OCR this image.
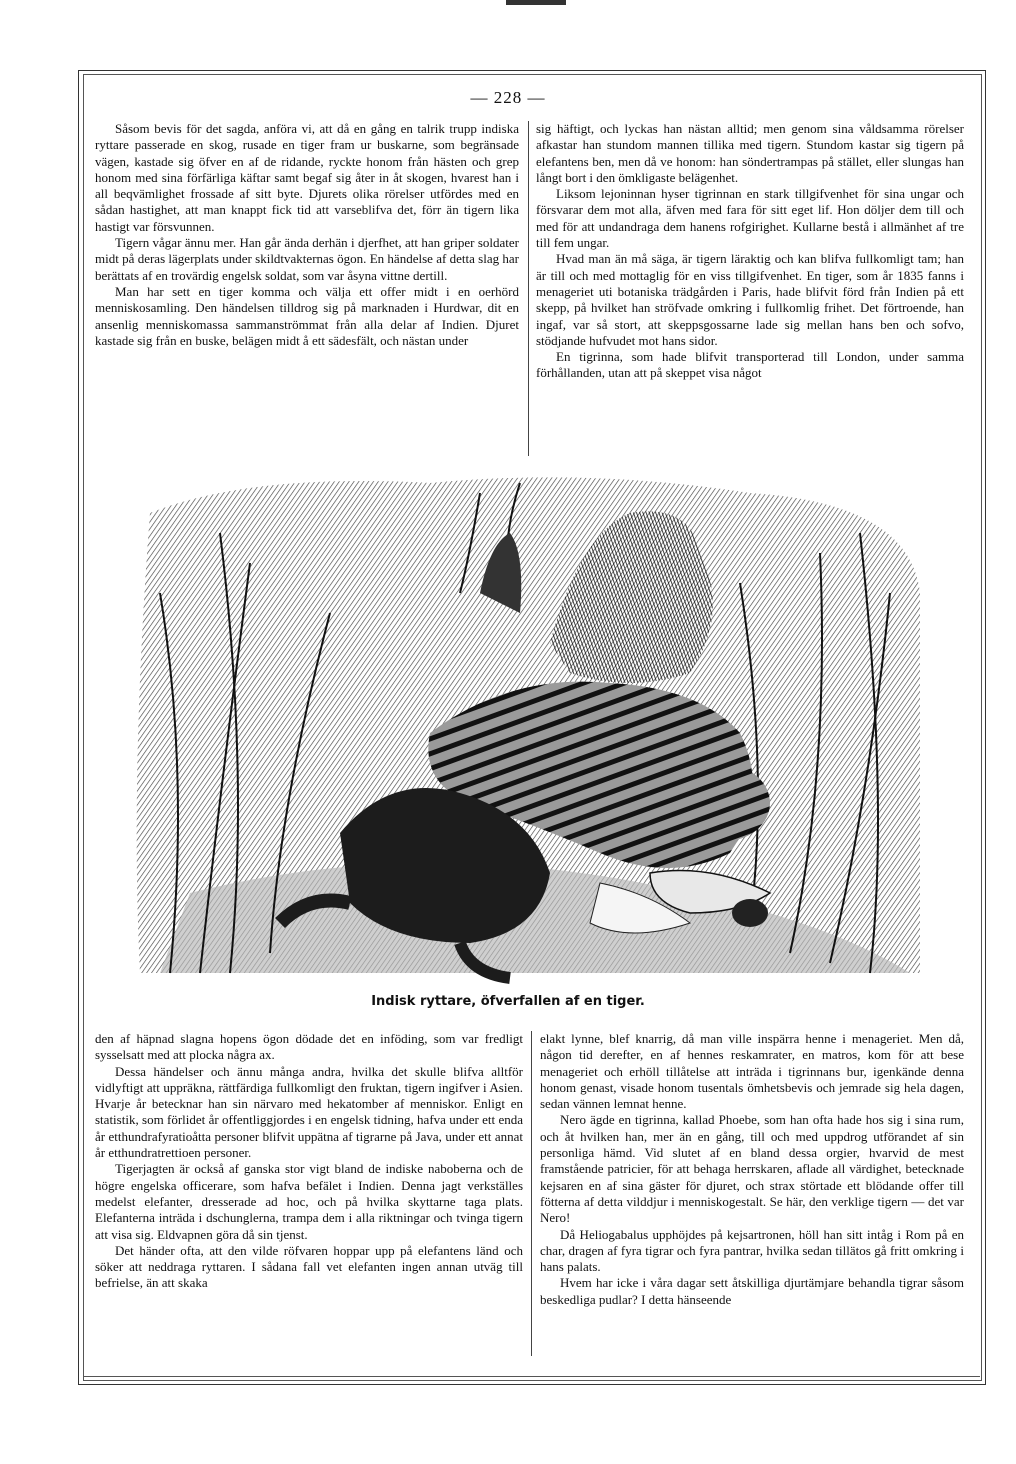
— 228 —

Såsom bevis för det sagda, anföra vi, att då en gång en talrik trupp indiska ryttare passerade en skog, rusade en tiger fram ur buskarne, som begränsade vägen, kastade sig öfver en af de ridande, ryckte honom från hästen och grep honom med sina förfärliga käftar samt begaf sig åter in åt skogen, hvarest han i all beqvämlighet frossade af sitt byte. Djurets olika rörelser utfördes med en sådan hastighet, att man knappt fick tid att varseblifva det, förr än tigern lika hastigt var försvunnen.

Tigern vågar ännu mer. Han går ända derhän i djerfhet, att han griper soldater midt på deras lägerplats under skildtvakternas ögon. En händelse af detta slag har berättats af en trovärdig engelsk soldat, som var åsyna vittne dertill.

Man har sett en tiger komma och välja ett offer midt i en oerhörd menniskosamling. Den händelsen tilldrog sig på marknaden i Hurdwar, dit en ansenlig menniskomassa sammanströmmat från alla delar af Indien. Djuret kastade sig från en buske, belägen midt å ett sädesfält, och nästan under

sig häftigt, och lyckas han nästan alltid; men genom sina våldsamma rörelser afkastar han stundom mannen tillika med tigern. Stundom kastar sig tigern på elefantens ben, men då ve honom: han söndertrampas på stället, eller slungas han långt bort i den ömkligaste belägenhet.

Liksom lejoninnan hyser tigrinnan en stark tillgifvenhet för sina ungar och försvarar dem mot alla, äfven med fara för sitt eget lif. Hon döljer dem till och med för att undandraga dem hanens rofgirighet. Kullarne bestå i allmänhet af tre till fem ungar.

Hvad man än må säga, är tigern läraktig och kan blifva fullkomligt tam; han är till och med mottaglig för en viss tillgifvenhet. En tiger, som år 1835 fanns i menageriet uti botaniska trädgården i Paris, hade blifvit förd från Indien på ett skepp, på hvilket han ströfvade omkring i fullkomlig frihet. Det förtroende, han ingaf, var så stort, att skeppsgossarne lade sig mellan hans ben och sofvo, stödjande hufvudet mot hans sidor.

En tigrinna, som hade blifvit transporterad till London, under samma förhållanden, utan att på skeppet visa något

Indisk ryttare, öfverfallen af en tiger.

den af häpnad slagna hopens ögon dödade det en inföding, som var fredligt sysselsatt med att plocka några ax.

Dessa händelser och ännu många andra, hvilka det skulle blifva alltför vidlyftigt att uppräkna, rättfärdiga fullkomligt den fruktan, tigern ingifver i Asien. Hvarje år betecknar han sin närvaro med hekatomber af menniskor. Enligt en statistik, som förlidet år offentliggjordes i en engelsk tidning, hafva under ett enda år etthundrafyratioåtta personer blifvit uppätna af tigrarne på Java, under ett annat år etthundratrettioen personer.

Tigerjagten är också af ganska stor vigt bland de indiske naboberna och de högre engelska officerare, som hafva befälet i Indien. Denna jagt verkställes medelst elefanter, dresserade ad hoc, och på hvilka skyttarne taga plats. Elefanterna inträda i dschunglerna, trampa dem i alla riktningar och tvinga tigern att visa sig. Eldvapnen göra då sin tjenst.

Det händer ofta, att den vilde röfvaren hoppar upp på elefantens länd och söker att neddraga ryttaren. I sådana fall vet elefanten ingen annan utväg till befrielse, än att skaka

elakt lynne, blef knarrig, då man ville inspärra henne i menageriet. Men då, någon tid derefter, en af hennes reskamrater, en matros, kom för att bese menageriet och erhöll tillåtelse att inträda i tigrinnans bur, igenkände denna honom genast, visade honom tusentals ömhetsbevis och jemrade sig hela dagen, sedan vännen lemnat henne.

Nero ägde en tigrinna, kallad Phoebe, som han ofta hade hos sig i sina rum, och åt hvilken han, mer än en gång, till och med uppdrog utförandet af sin personliga hämd. Vid slutet af en bland dessa orgier, hvarvid de mest framstående patricier, för att behaga herrskaren, aflade all värdighet, betecknade kejsaren en af sina gäster för djuret, och strax störtade ett blödande offer till fötterna af detta vilddjur i menniskogestalt. Se här, den verklige tigern — det var Nero!

Då Heliogabalus upphöjdes på kejsartronen, höll han sitt intåg i Rom på en char, dragen af fyra tigrar och fyra pantrar, hvilka sedan tillätos gå fritt omkring i hans palats.

Hvem har icke i våra dagar sett åtskilliga djurtämjare behandla tigrar såsom beskedliga pudlar? I detta hänseende
